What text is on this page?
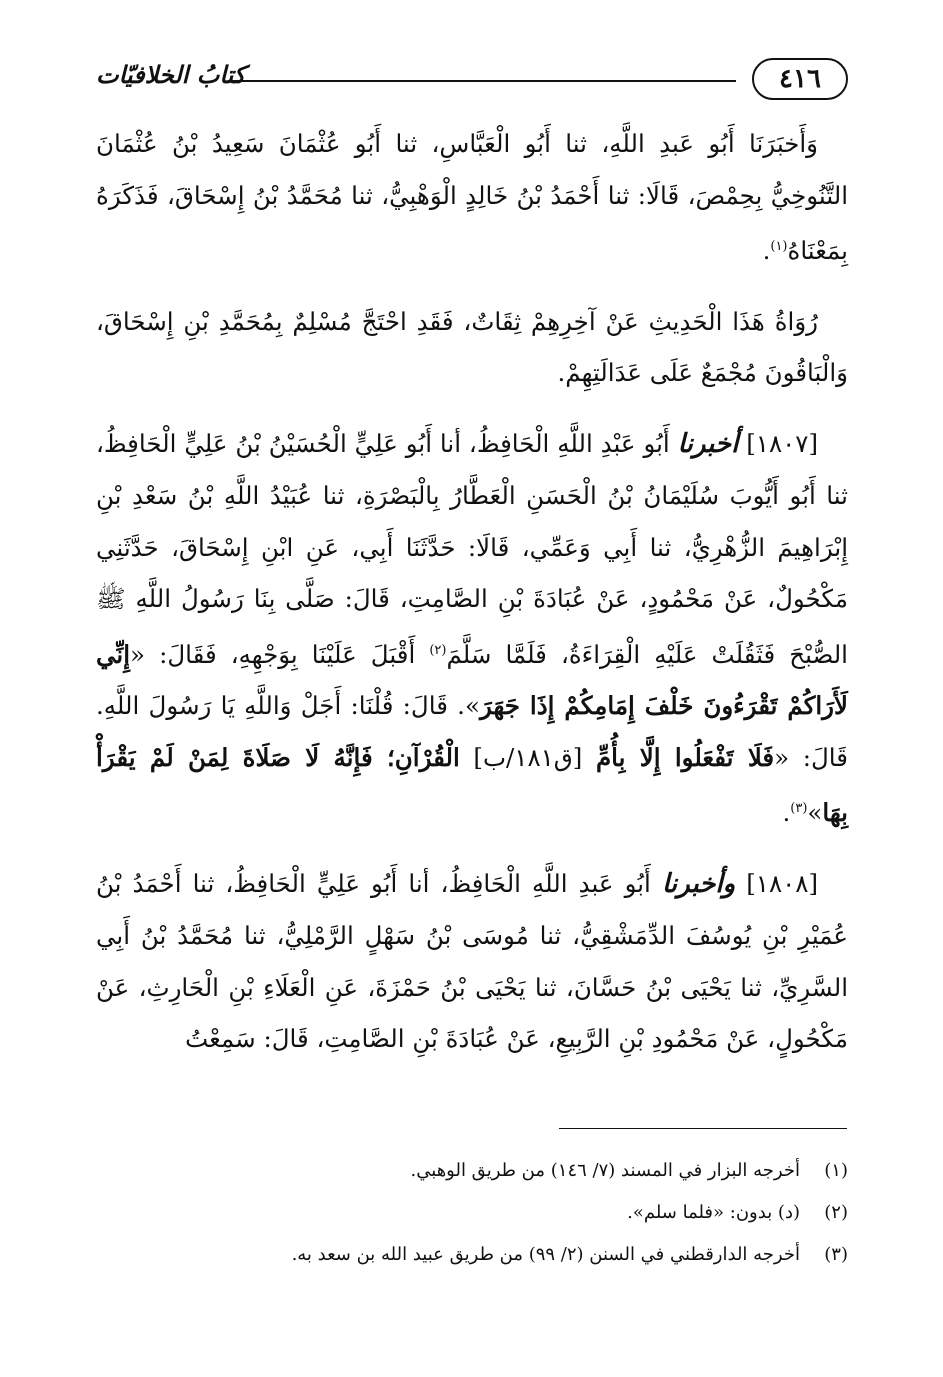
٤١٦
كتابُ الخلافيّات

وَأَخبَرَنَا أَبُو عَبدِ اللَّهِ، ثنا أَبُو الْعَبَّاسِ، ثنا أَبُو عُثْمَانَ سَعِيدُ بْنُ عُثْمَانَ التَّنُوخِيُّ بِحِمْصَ، قَالَا: ثنا أَحْمَدُ بْنُ خَالِدٍ الْوَهْبِيُّ، ثنا مُحَمَّدُ بْنُ إِسْحَاقَ، فَذَكَرَهُ بِمَعْنَاهُ$^{(١)}$.

رُوَاةُ هَذَا الْحَدِيثِ عَنْ آخِرِهِمْ ثِقَاتٌ، فَقَدِ احْتَجَّ مُسْلِمٌ بِمُحَمَّدِ بْنِ إِسْحَاقَ، وَالْبَاقُونَ مُجْمَعٌ عَلَى عَدَالَتِهِمْ.

[١٨٠٧] أخبرنا أَبُو عَبْدِ اللَّهِ الْحَافِظُ، أنا أَبُو عَلِيٍّ الْحُسَيْنُ بْنُ عَلِيٍّ الْحَافِظُ، ثنا أَبُو أَيُّوبَ سُلَيْمَانُ بْنُ الْحَسَنِ الْعَطَّارُ بِالْبَصْرَةِ، ثنا عُبَيْدُ اللَّهِ بْنُ سَعْدِ بْنِ إِبْرَاهِيمَ الزُّهْرِيُّ، ثنا أَبِي وَعَمِّي، قَالَا: حَدَّثَنَا أَبِي، عَنِ ابْنِ إِسْحَاقَ، حَدَّثَنِي مَكْحُولٌ، عَنْ مَحْمُودٍ، عَنْ عُبَادَةَ بْنِ الصَّامِتِ، قَالَ: صَلَّى بِنَا رَسُولُ اللَّهِ ﷺ الصُّبْحَ فَثَقُلَتْ عَلَيْهِ الْقِرَاءَةُ، فَلَمَّا سَلَّمَ$^{(٢)}$ أَقْبَلَ عَلَيْنَا بِوَجْهِهِ، فَقَالَ: «إِنِّي لَأَرَاكُمْ تَقْرَءُونَ خَلْفَ إِمَامِكُمْ إِذَا جَهَرَ». قَالَ: قُلْنَا: أَجَلْ وَاللَّهِ يَا رَسُولَ اللَّهِ. قَالَ: «فَلَا تَفْعَلُوا إِلَّا بِأُمِّ [ق١٨١/ب] الْقُرْآنِ؛ فَإِنَّهُ لَا صَلَاةَ لِمَنْ لَمْ يَقْرَأْ بِهَا»$^{(٣)}$.

[١٨٠٨] وأخبرنا أَبُو عَبدِ اللَّهِ الْحَافِظُ، أنا أَبُو عَلِيٍّ الْحَافِظُ، ثنا أَحْمَدُ بْنُ عُمَيْرِ بْنِ يُوسُفَ الدِّمَشْقِيُّ، ثنا مُوسَى بْنُ سَهْلٍ الرَّمْلِيُّ، ثنا مُحَمَّدُ بْنُ أَبِي السَّرِيِّ، ثنا يَحْيَى بْنُ حَسَّانَ، ثنا يَحْيَى بْنُ حَمْزَةَ، عَنِ الْعَلَاءِ بْنِ الْحَارِثِ، عَنْ مَكْحُولٍ، عَنْ مَحْمُودِ بْنِ الرَّبِيعِ، عَنْ عُبَادَةَ بْنِ الصَّامِتِ، قَالَ: سَمِعْتُ

(١)
أخرجه البزار في المسند (٧/ ١٤٦) من طريق الوهبي.
(٢)
(د) بدون: «فلما سلم».
(٣)
أخرجه الدارقطني في السنن (٢/ ٩٩) من طريق عبيد الله بن سعد به.
